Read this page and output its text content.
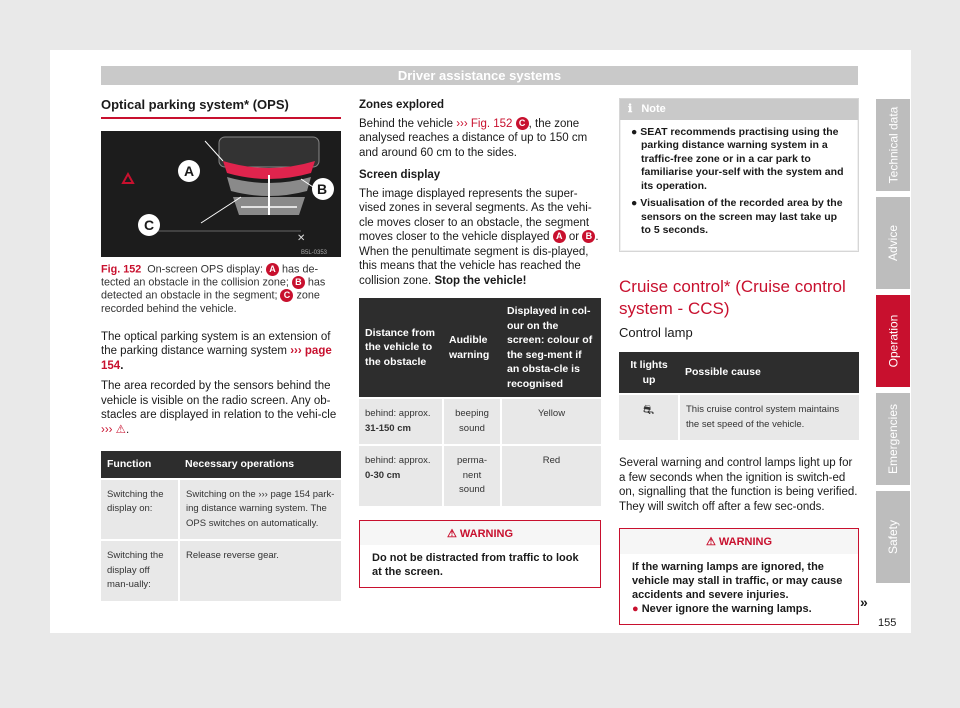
Driver assistance systems
Technical data
Advice
Operation
Emergencies
Safety
Optical parking system* (OPS)
A
C
B
✕
B5L-0353
Fig. 152 On-screen OPS display: A has de-tected an obstacle in the collision zone; B has detected an obstacle in the segment; C zone recorded behind the vehicle.

The optical parking system is an extension of the parking distance warning system ››› page 154.

The area recorded by the sensors behind the vehicle is visible on the radio screen. Any ob-stacles are displayed in relation to the vehi-cle ››› ⚠.

Function	Necessary operations
Switching the display on:	Switching on the ››› page 154 park-ing distance warning system. The OPS switches on automatically.
Switching the display off man-ually:	Release reverse gear.

Zones explored

Behind the vehicle ››› Fig. 152 C , the zone analysed reaches a distance of up to 150 cm and around 60 cm to the sides.

Screen display

The image displayed represents the super-vised zones in several segments. As the vehi-cle moves closer to an obstacle, the segment moves closer to the vehicle displayed A or B . When the penultimate segment is dis-played, this means that the vehicle has reached the collision zone. Stop the vehicle!

Distance from the vehicle to the obstacle	Audible warning	Displayed in col-our on the screen: colour of the seg-ment if an obsta-cle is recognised
behind: approx. 31-150 cm	beeping sound	Yellow
behind: approx. 0-30 cm	perma-nent sound	Red
⚠ WARNING
Do not be distracted from traffic to look at the screen.
ℹ Note
● SEAT recommends practising using the parking distance warning system in a traffic-free zone or in a car park to familiarise your-self with the system and its operation.
● Visualisation of the recorded area by the sensors on the screen may last take up to 5 seconds.
Cruise control* (Cruise control system - CCS)
Control lamp
It lights up	Possible cause
⛐	This cruise control system maintains the set speed of the vehicle.

Several warning and control lamps light up for a few seconds when the ignition is switch-ed on, signalling that the function is being verified. They will switch off after a few sec-onds.

⚠ WARNING
If the warning lamps are ignored, the vehicle may stall in traffic, or may cause accidents and severe injuries.
● Never ignore the warning lamps.	»
155
